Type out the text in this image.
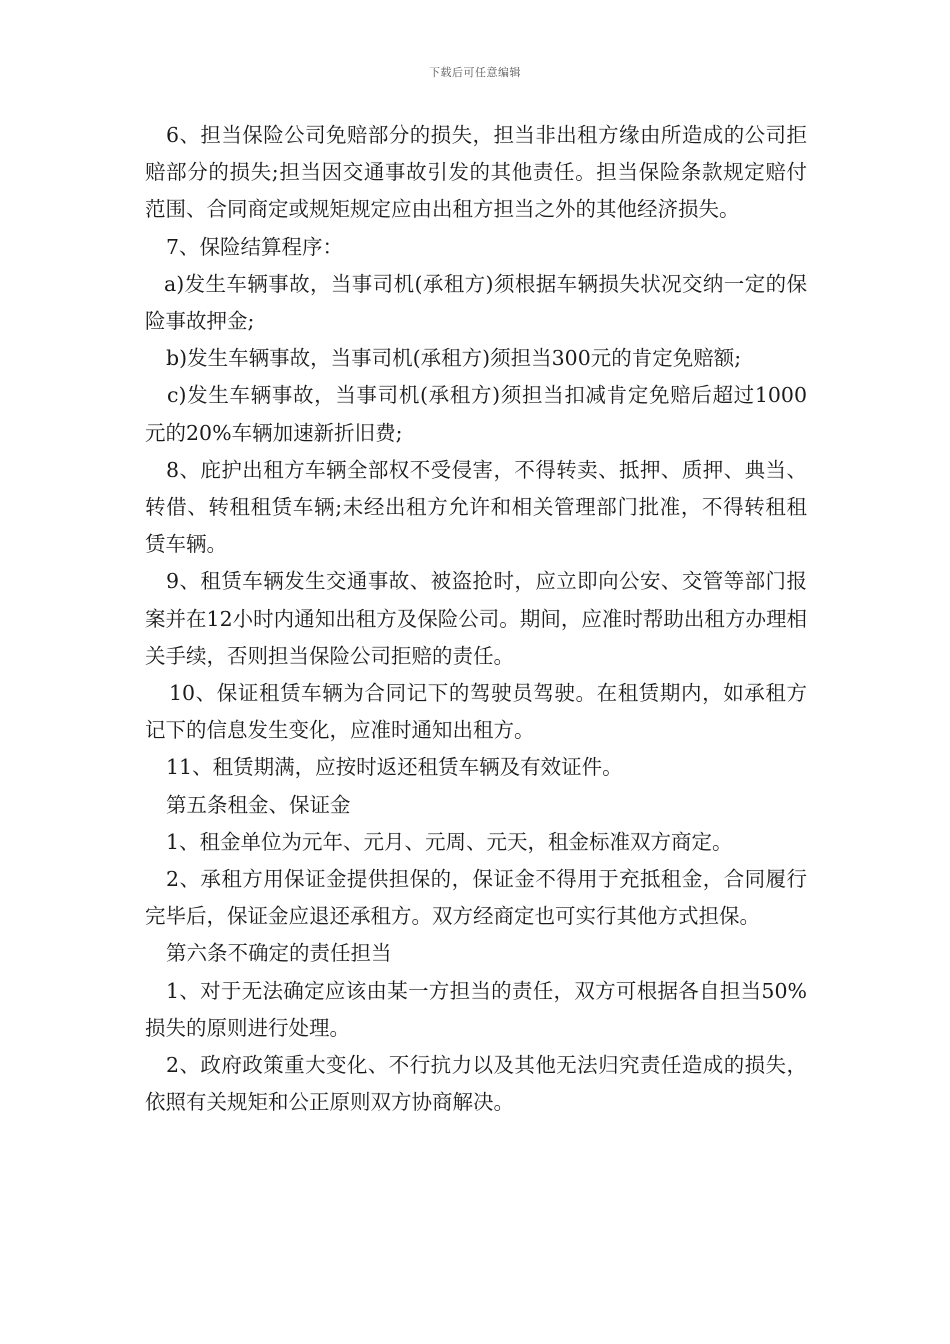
下载后可任意编辑

6、担当保险公司免赔部分的损失，担当非出租方缘由所造成的公司拒赔部分的损失;担当因交通事故引发的其他责任。担当保险条款规定赔付范围、合同商定或规矩规定应由出租方担当之外的其他经济损失。

7、保险结算程序：

a)发生车辆事故，当事司机(承租方)须根据车辆损失状况交纳一定的保险事故押金;

b)发生车辆事故，当事司机(承租方)须担当300元的肯定免赔额;

c)发生车辆事故，当事司机(承租方)须担当扣减肯定免赔后超过1000元的20%车辆加速新折旧费;

8、庇护出租方车辆全部权不受侵害，不得转卖、抵押、质押、典当、转借、转租租赁车辆;未经出租方允许和相关管理部门批准，不得转租租赁车辆。

9、租赁车辆发生交通事故、被盗抢时，应立即向公安、交管等部门报案并在12小时内通知出租方及保险公司。期间，应准时帮助出租方办理相关手续，否则担当保险公司拒赔的责任。

10、保证租赁车辆为合同记下的驾驶员驾驶。在租赁期内，如承租方记下的信息发生变化，应准时通知出租方。

11、租赁期满，应按时返还租赁车辆及有效证件。

第五条租金、保证金

1、租金单位为元年、元月、元周、元天，租金标准双方商定。

2、承租方用保证金提供担保的，保证金不得用于充抵租金，合同履行完毕后，保证金应退还承租方。双方经商定也可实行其他方式担保。

第六条不确定的责任担当

1、对于无法确定应该由某一方担当的责任，双方可根据各自担当50%损失的原则进行处理。

2、政府政策重大变化、不行抗力以及其他无法归究责任造成的损失，依照有关规矩和公正原则双方协商解决。
